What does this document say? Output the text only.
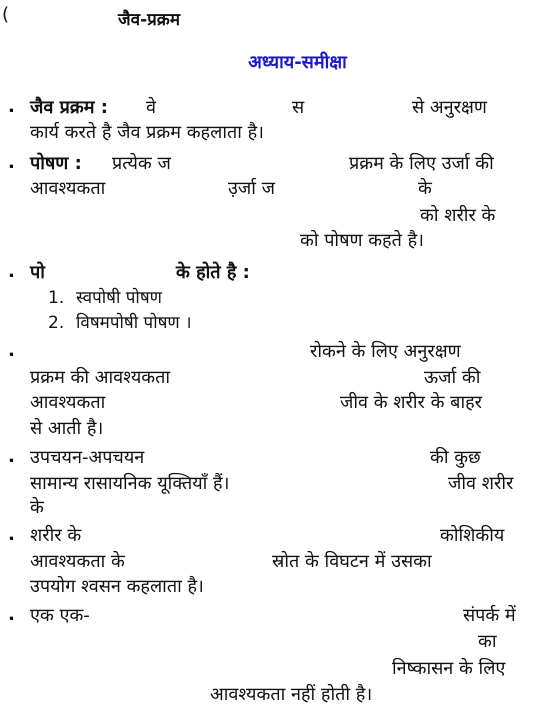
(	जैव-प्रक्रम
अध्याय-समीक्षा
. जैव प्रक्रम : वे	स	से अनुरक्षण
कार्य करते है जैव प्रक्रम कहलाता है।
. पोषण : प्रत्येक ज	प्रक्रम के लिए उर्जा की
आवश्यकता	उ़र्जा ज	के
को शरीर के
को पोषण कहते है।
. पो	के होते है :
1. स्वपोषी पोषण
2. विषमपोषी पोषण ।
.	रोकने के लिए अनुरक्षण
प्रक्रम की आवश्यकता	ऊर्जा की
आवश्यकता	जीव के शरीर के बाहर
से आती है।
. उपचयन-अपचयन	की कुछ
सामान्य रासायनिक यूक्तियाँ हैं।	जीव शरीर
के
. शरीर के	कोशिकीय
आवश्यकता के	स्रोत के विघटन में उसका
उपयोग श्वसन कहलाता है।
. एक एक-	संपर्क में
का
निष्कासन के लिए
आवश्यकता नहीं होती है।
